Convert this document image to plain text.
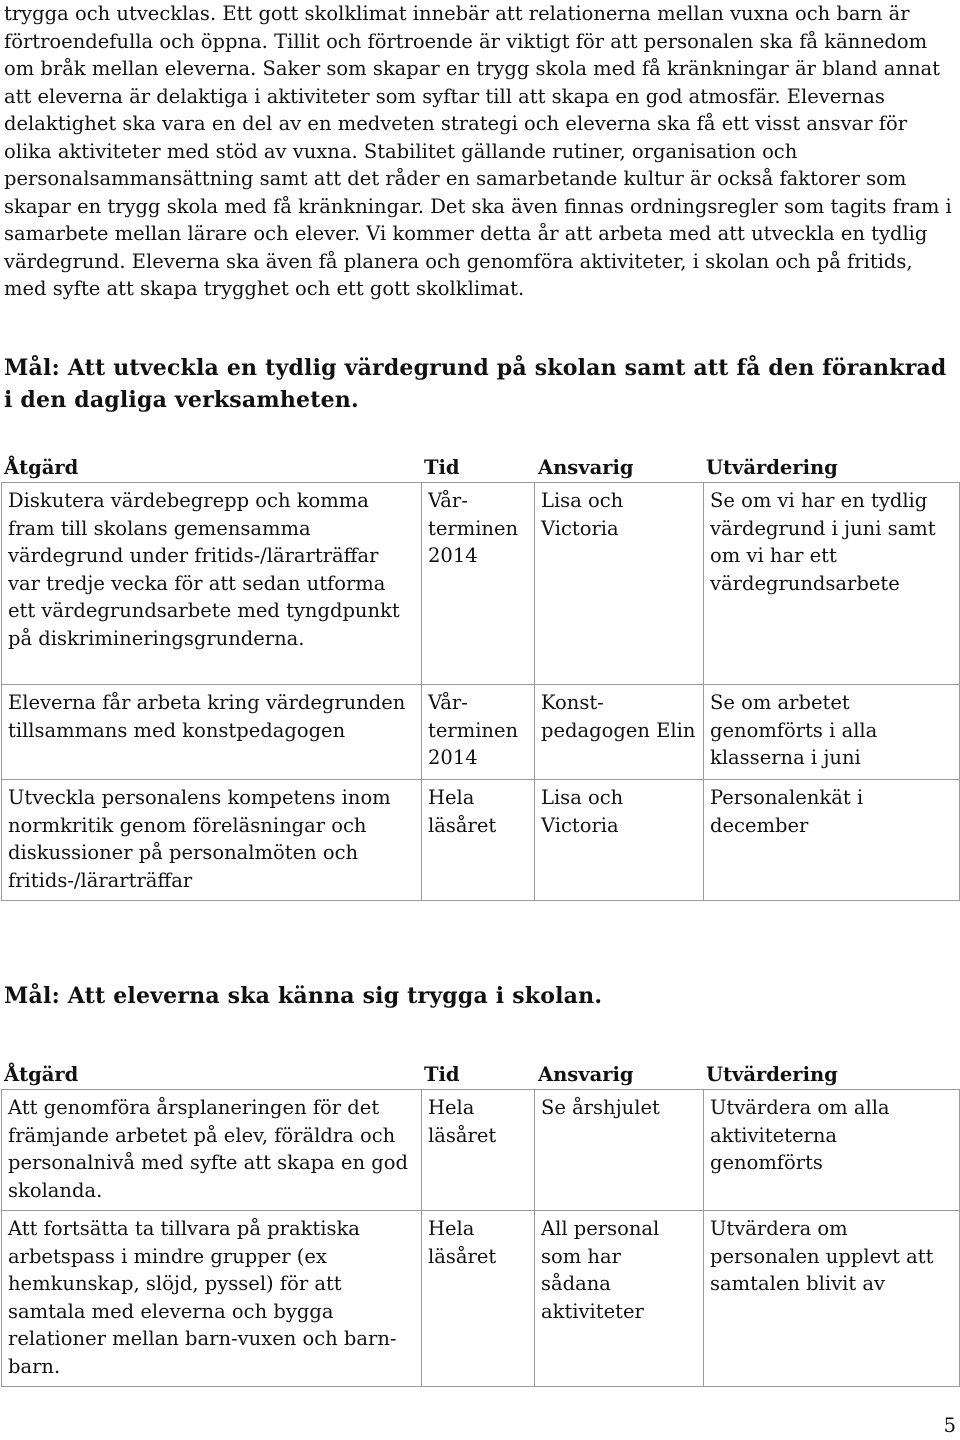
trygga och utvecklas. Ett gott skolklimat innebär att relationerna mellan vuxna och barn är förtroendefulla och öppna. Tillit och förtroende är viktigt för att personalen ska få kännedom om bråk mellan eleverna. Saker som skapar en trygg skola med få kränkningar är bland annat att eleverna är delaktiga i aktiviteter som syftar till att skapa en god atmosfär. Elevernas delaktighet ska vara en del av en medveten strategi och eleverna ska få ett visst ansvar för olika aktiviteter med stöd av vuxna. Stabilitet gällande rutiner, organisation och personalsammansättning samt att det råder en samarbetande kultur är också faktorer som skapar en trygg skola med få kränkningar. Det ska även finnas ordningsregler som tagits fram i samarbete mellan lärare och elever. Vi kommer detta år att arbeta med att utveckla en tydlig värdegrund. Eleverna ska även få planera och genomföra aktiviteter, i skolan och på fritids, med syfte att skapa trygghet och ett gott skolklimat.

Mål: Att utveckla en tydlig värdegrund på skolan samt att få den förankrad i den dagliga verksamheten.
Åtgärd	Tid	Ansvarig	Utvärdering
Diskutera värdebegrepp och komma fram till skolans gemensamma värdegrund under fritids-/lärarträffar var tredje vecka för att sedan utforma ett värdegrundsarbete med tyngdpunkt på diskrimineringsgrunderna.	Vår-terminen 2014	Lisa och Victoria	Se om vi har en tydlig värdegrund i juni samt om vi har ett värdegrundsarbete
Eleverna får arbeta kring värdegrunden tillsammans med konstpedagogen	Vår-terminen 2014	Konst-pedagogen Elin	Se om arbetet genomförts i alla klasserna i juni
Utveckla personalens kompetens inom normkritik genom föreläsningar och diskussioner på personalmöten och fritids-/lärarträffar	Hela läsåret	Lisa och Victoria	Personalenkät i december
Mål: Att eleverna ska känna sig trygga i skolan.
Åtgärd	Tid	Ansvarig	Utvärdering
Att genomföra årsplaneringen för det främjande arbetet på elev, föräldra och personalnivå med syfte att skapa en god skolanda.	Hela läsåret	Se årshjulet	Utvärdera om alla aktiviteterna genomförts
Att fortsätta ta tillvara på praktiska arbetspass i mindre grupper (ex hemkunskap, slöjd, pyssel) för att samtala med eleverna och bygga relationer mellan barn-vuxen och barn-barn.	Hela läsåret	All personal som har sådana aktiviteter	Utvärdera om personalen upplevt att samtalen blivit av
5
